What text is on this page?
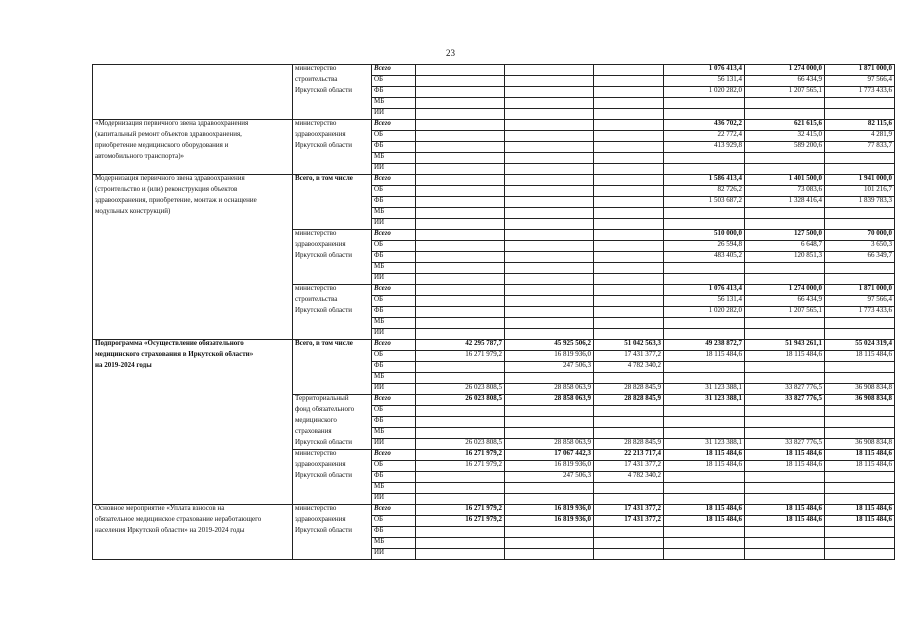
23
	министерство	Всего				1 076 413,4	1 274 000,0	1 871 000,0
	строительства	ОБ				56 131,4	66 434,9	97 566,4
	Иркутской области	ФБ				1 020 282,0	1 207 565,1	1 773 433,6
		МБ						
		ИИ						
«Модернизация первичного звена здравоохранения	министерство	Всего				436 702,2	621 615,6	82 115,6
(капитальный ремонт объектов здравоохранения,	здравоохранения	ОБ				22 772,4	32 415,0	4 281,9
приобретение медицинского оборудования и	Иркутской области	ФБ				413 929,8	589 200,6	77 833,7
автомобильного транспорта)»		МБ						
		ИИ						
Модернизация первичного звена здравоохранения	Всего, в том числе	Всего				1 586 413,4	1 401 500,0	1 941 000,0
(строительство и (или) реконструкция объектов		ОБ				82 726,2	73 083,6	101 216,7
здравоохранения, приобретение, монтаж и оснащение		ФБ				1 503 687,2	1 328 416,4	1 839 783,3
модульных конструкций)		МБ						
		ИИ						
	министерство	Всего				510 000,0	127 500,0	70 000,0
	здравоохранения	ОБ				26 594,8	6 648,7	3 650,3
	Иркутской области	ФБ				483 405,2	120 851,3	66 349,7
		МБ						
		ИИ						
	министерство	Всего				1 076 413,4	1 274 000,0	1 871 000,0
	строительства	ОБ				56 131,4	66 434,9	97 566,4
	Иркутской области	ФБ				1 020 282,0	1 207 565,1	1 773 433,6
		МБ						
		ИИ						
Подпрограмма «Осуществление обязательного	Всего, в том числе	Всего	42 295 787,7	45 925 506,2	51 042 563,3	49 238 872,7	51 943 261,1	55 024 319,4
медицинского страхования в Иркутской области»		ОБ	16 271 979,2	16 819 936,0	17 431 377,2	18 115 484,6	18 115 484,6	18 115 484,6
на 2019-2024 годы		ФБ		247 506,3	4 782 340,2			
		МБ						
		ИИ	26 023 808,5	28 858 063,9	28 828 845,9	31 123 388,1	33 827 776,5	36 908 834,8
	Территориальный	Всего	26 023 808,5	28 858 063,9	28 828 845,9	31 123 388,1	33 827 776,5	36 908 834,8
	фонд обязательного	ОБ						
	медицинского	ФБ						
	страхования	МБ						
	Иркутской области	ИИ	26 023 808,5	28 858 063,9	28 828 845,9	31 123 388,1	33 827 776,5	36 908 834,8
	министерство	Всего	16 271 979,2	17 067 442,3	22 213 717,4	18 115 484,6	18 115 484,6	18 115 484,6
	здравоохранения	ОБ	16 271 979,2	16 819 936,0	17 431 377,2	18 115 484,6	18 115 484,6	18 115 484,6
	Иркутской области	ФБ		247 506,3	4 782 340,2			
		МБ						
		ИИ						
Основное мероприятие «Уплата взносов на	министерство	Всего	16 271 979,2	16 819 936,0	17 431 377,2	18 115 484,6	18 115 484,6	18 115 484,6
обязательное медицинское страхование неработающего	здравоохранения	ОБ	16 271 979,2	16 819 936,0	17 431 377,2	18 115 484,6	18 115 484,6	18 115 484,6
населения Иркутской области» на 2019-2024 годы	Иркутской области	ФБ						
		МБ						
		ИИ						
